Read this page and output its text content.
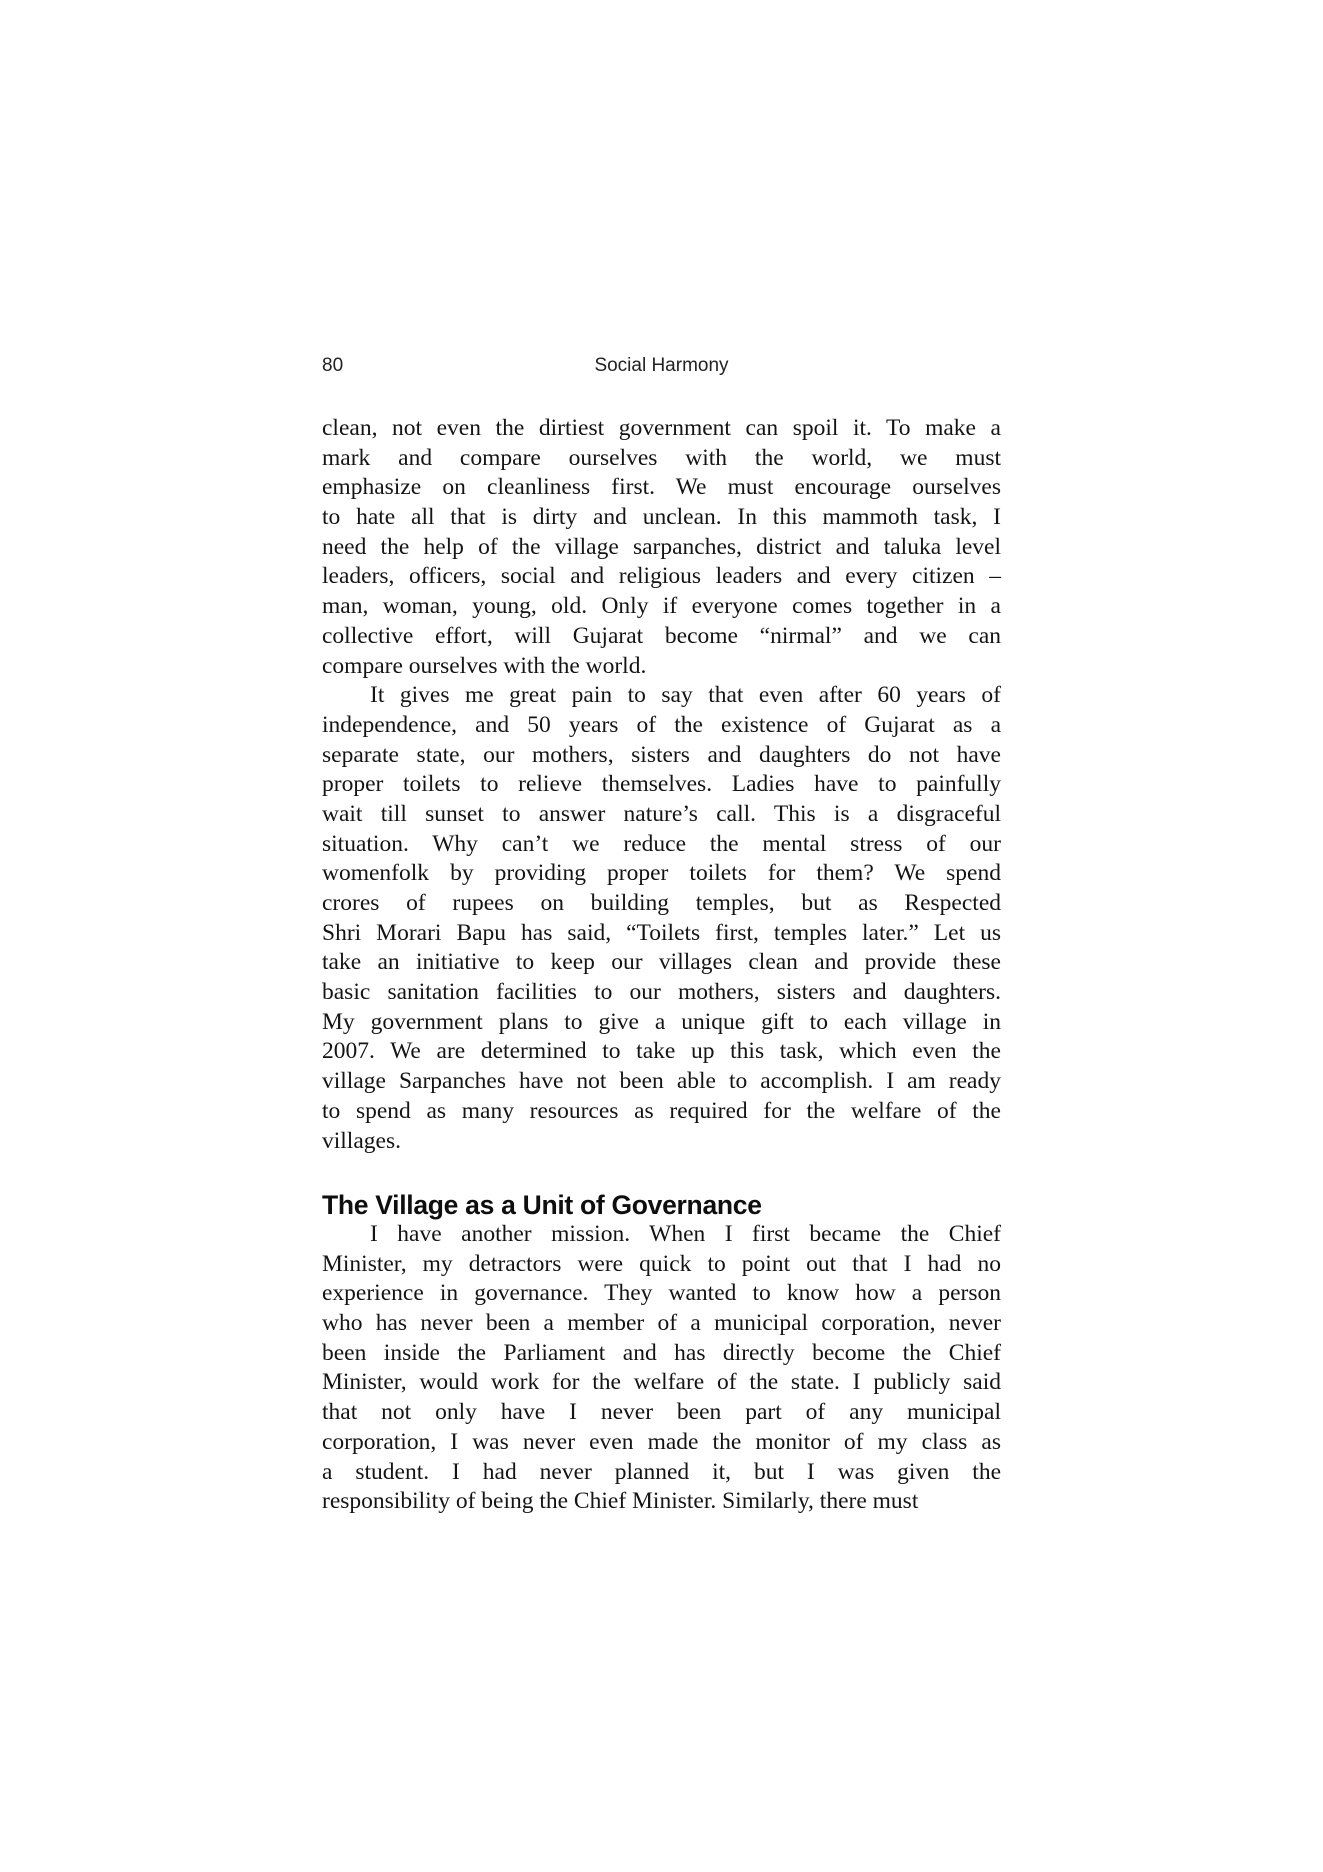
80	Social Harmony
clean, not even the dirtiest government can spoil it. To make a
mark and compare ourselves with the world, we must
emphasize on cleanliness first. We must encourage ourselves
to hate all that is dirty and unclean. In this mammoth task, I
need the help of the village sarpanches, district and taluka level
leaders, officers, social and religious leaders and every citizen –
man, woman, young, old. Only if everyone comes together in a
collective effort, will Gujarat become “nirmal” and we can
compare ourselves with the world.
It gives me great pain to say that even after 60 years of
independence, and 50 years of the existence of Gujarat as a
separate state, our mothers, sisters and daughters do not have
proper toilets to relieve themselves. Ladies have to painfully
wait till sunset to answer nature’s call. This is a disgraceful
situation. Why can’t we reduce the mental stress of our
womenfolk by providing proper toilets for them? We spend
crores of rupees on building temples, but as Respected
Shri Morari Bapu has said, “Toilets first, temples later.” Let us
take an initiative to keep our villages clean and provide these
basic sanitation facilities to our mothers, sisters and daughters.
My government plans to give a unique gift to each village in
2007. We are determined to take up this task, which even the
village Sarpanches have not been able to accomplish. I am ready
to spend as many resources as required for the welfare of the
villages.
The Village as a Unit of Governance
I have another mission. When I first became the Chief
Minister, my detractors were quick to point out that I had no
experience in governance. They wanted to know how a person
who has never been a member of a municipal corporation, never
been inside the Parliament and has directly become the Chief
Minister, would work for the welfare of the state. I publicly said
that not only have I never been part of any municipal
corporation, I was never even made the monitor of my class as
a student. I had never planned it, but I was given the
responsibility of being the Chief Minister. Similarly, there must
